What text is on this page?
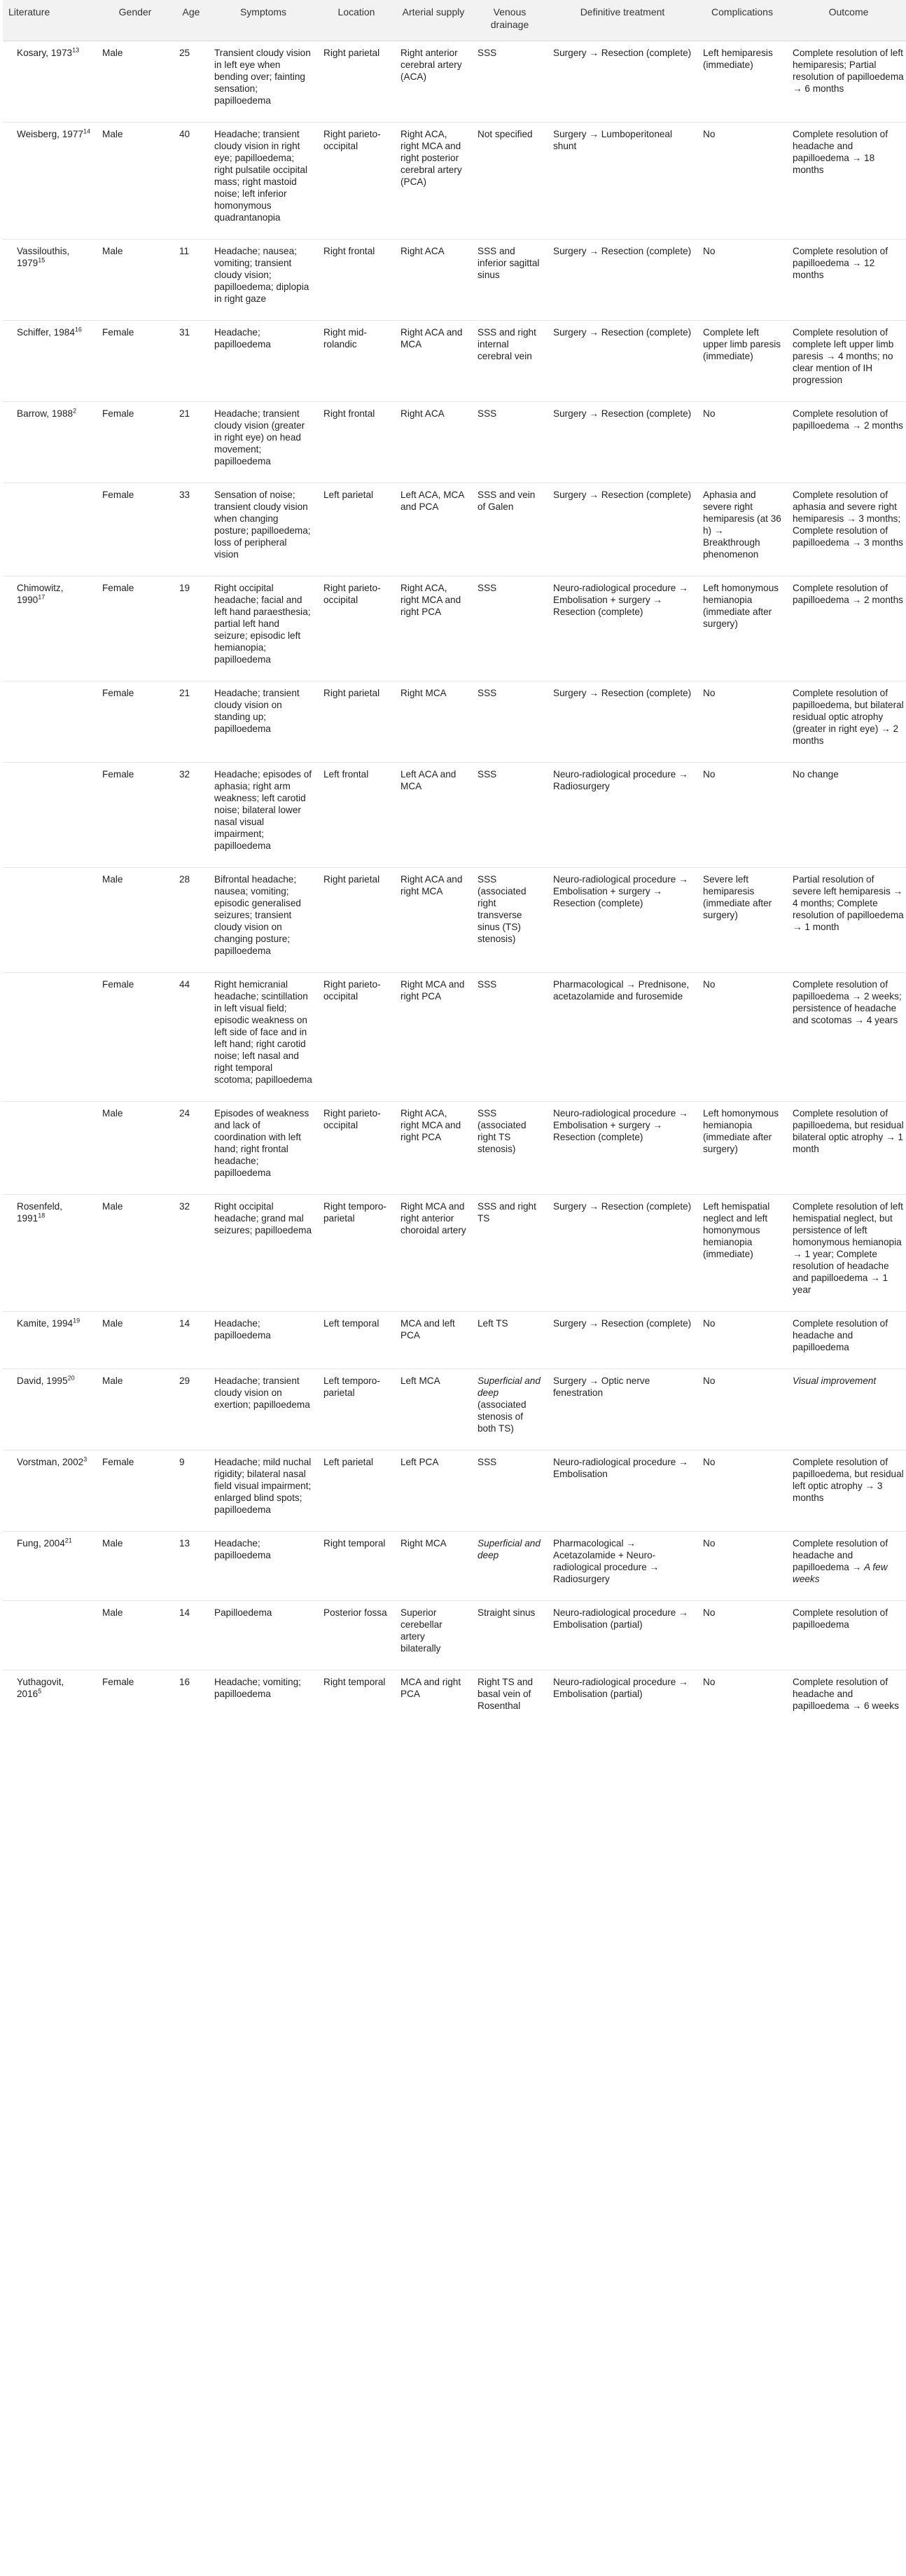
Literature	Gender	Age	Symptoms	Location	Arterial supply	Venous drainage	Definitive treatment	Complications	Outcome
Kosary, 1973$^{13}$	Male	25	Transient cloudy vision in left eye when bending over; fainting sensation; papilloedema	Right parietal	Right anterior cerebral artery (ACA)	SSS	Surgery → Resection (complete)	Left hemiparesis (immediate)	Complete resolution of left hemiparesis; Partial resolution of papilloedema → 6 months
Weisberg, 1977$^{14}$	Male	40	Headache; transient cloudy vision in right eye; papilloedema; right pulsatile occipital mass; right mastoid noise; left inferior homonymous quadrantanopia	Right parieto-occipital	Right ACA, right MCA and right posterior cerebral artery (PCA)	Not specified	Surgery → Lumboperitoneal shunt	No	Complete resolution of headache and papilloedema → 18 months
Vassilouthis, 1979$^{15}$	Male	11	Headache; nausea; vomiting; transient cloudy vision; papilloedema; diplopia in right gaze	Right frontal	Right ACA	SSS and inferior sagittal sinus	Surgery → Resection (complete)	No	Complete resolution of papilloedema → 12 months
Schiffer, 1984$^{16}$	Female	31	Headache; papilloedema	Right mid-rolandic	Right ACA and MCA	SSS and right internal cerebral vein	Surgery → Resection (complete)	Complete left upper limb paresis (immediate)	Complete resolution of complete left upper limb paresis → 4 months; no clear mention of IH progression
Barrow, 1988$^2$	Female	21	Headache; transient cloudy vision (greater in right eye) on head movement; papilloedema	Right frontal	Right ACA	SSS	Surgery → Resection (complete)	No	Complete resolution of papilloedema → 2 months
	Female	33	Sensation of noise; transient cloudy vision when changing posture; papilloedema; loss of peripheral vision	Left parietal	Left ACA, MCA and PCA	SSS and vein of Galen	Surgery → Resection (complete)	Aphasia and severe right hemiparesis (at 36 h) → Breakthrough phenomenon	Complete resolution of aphasia and severe right hemiparesis → 3 months; Complete resolution of papilloedema → 3 months
Chimowitz, 1990$^{17}$	Female	19	Right occipital headache; facial and left hand paraesthesia; partial left hand seizure; episodic left hemianopia; papilloedema	Right parieto-occipital	Right ACA, right MCA and right PCA	SSS	Neuro-radiological procedure → Embolisation + surgery → Resection (complete)	Left homonymous hemianopia (immediate after surgery)	Complete resolution of papilloedema → 2 months
	Female	21	Headache; transient cloudy vision on standing up; papilloedema	Right parietal	Right MCA	SSS	Surgery → Resection (complete)	No	Complete resolution of papilloedema, but bilateral residual optic atrophy (greater in right eye) → 2 months
	Female	32	Headache; episodes of aphasia; right arm weakness; left carotid noise; bilateral lower nasal visual impairment; papilloedema	Left frontal	Left ACA and MCA	SSS	Neuro-radiological procedure → Radiosurgery	No	No change
	Male	28	Bifrontal headache; nausea; vomiting; episodic generalised seizures; transient cloudy vision on changing posture; papilloedema	Right parietal	Right ACA and right MCA	SSS (associated right transverse sinus (TS) stenosis)	Neuro-radiological procedure → Embolisation + surgery → Resection (complete)	Severe left hemiparesis (immediate after surgery)	Partial resolution of severe left hemiparesis → 4 months; Complete resolution of papilloedema → 1 month
	Female	44	Right hemicranial headache; scintillation in left visual field; episodic weakness on left side of face and in left hand; right carotid noise; left nasal and right temporal scotoma; papilloedema	Right parieto-occipital	Right MCA and right PCA	SSS	Pharmacological → Prednisone, acetazolamide and furosemide	No	Complete resolution of papilloedema → 2 weeks; persistence of headache and scotomas → 4 years
	Male	24	Episodes of weakness and lack of coordination with left hand; right frontal headache; papilloedema	Right parieto-occipital	Right ACA, right MCA and right PCA	SSS (associated right TS stenosis)	Neuro-radiological procedure → Embolisation + surgery → Resection (complete)	Left homonymous hemianopia (immediate after surgery)	Complete resolution of papilloedema, but residual bilateral optic atrophy → 1 month
Rosenfeld, 1991$^{18}$	Male	32	Right occipital headache; grand mal seizures; papilloedema	Right temporo-parietal	Right MCA and right anterior choroidal artery	SSS and right TS	Surgery → Resection (complete)	Left hemispatial neglect and left homonymous hemianopia (immediate)	Complete resolution of left hemispatial neglect, but persistence of left homonymous hemianopia → 1 year; Complete resolution of headache and papilloedema → 1 year
Kamite, 1994$^{19}$	Male	14	Headache; papilloedema	Left temporal	MCA and left PCA	Left TS	Surgery → Resection (complete)	No	Complete resolution of headache and papilloedema
David, 1995$^{20}$	Male	29	Headache; transient cloudy vision on exertion; papilloedema	Left temporo-parietal	Left MCA	Superficial and deep (associated stenosis of both TS)	Surgery → Optic nerve fenestration	No	Visual improvement
Vorstman, 2002$^3$	Female	9	Headache; mild nuchal rigidity; bilateral nasal field visual impairment; enlarged blind spots; papilloedema	Left parietal	Left PCA	SSS	Neuro-radiological procedure → Embolisation	No	Complete resolution of papilloedema, but residual left optic atrophy → 3 months
Fung, 2004$^{21}$	Male	13	Headache; papilloedema	Right temporal	Right MCA	Superficial and deep	Pharmacological → Acetazolamide + Neuro-radiological procedure → Radiosurgery	No	Complete resolution of headache and papilloedema → A few weeks
	Male	14	Papilloedema	Posterior fossa	Superior cerebellar artery bilaterally	Straight sinus	Neuro-radiological procedure → Embolisation (partial)	No	Complete resolution of papilloedema
Yuthagovit, 2016$^5$	Female	16	Headache; vomiting; papilloedema	Right temporal	MCA and right PCA	Right TS and basal vein of Rosenthal	Neuro-radiological procedure → Embolisation (partial)	No	Complete resolution of headache and papilloedema → 6 weeks
